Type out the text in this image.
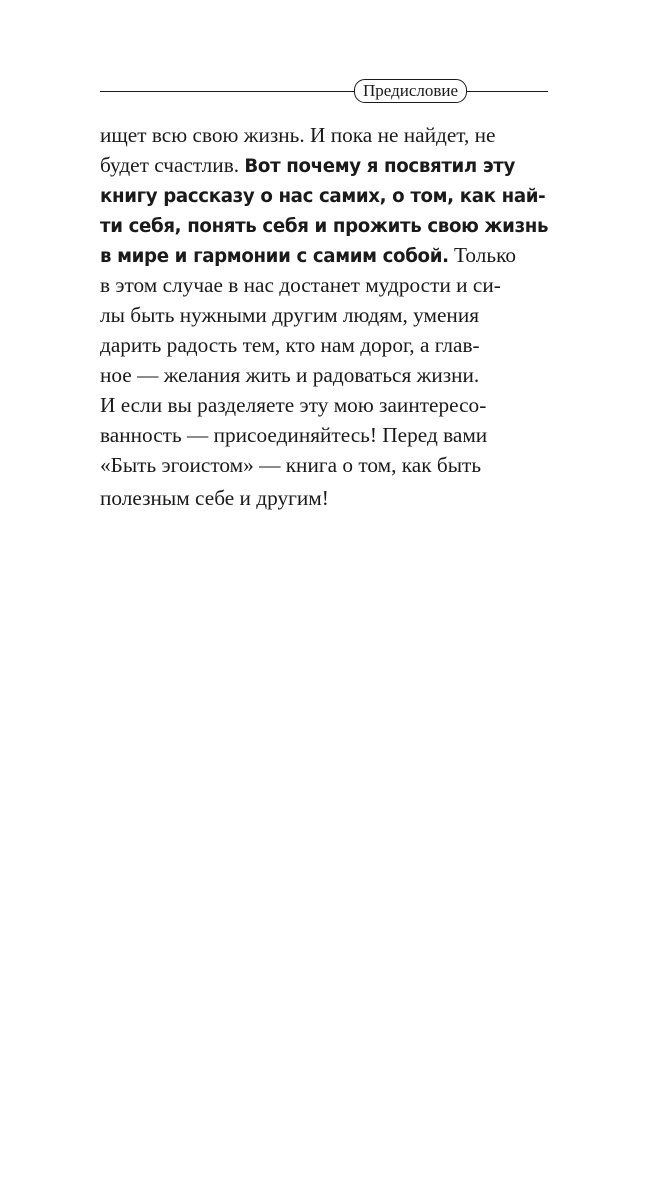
Предисловие

ищет всю свою жизнь. И пока не найдет, не
будет счастлив. Вот почему я посвятил эту
книгу рассказу о нас самих, о том, как най-
ти себя, понять себя и прожить свою жизнь
в мире и гармонии с самим собой. Только
в этом случае в нас достанет мудрости и си-
лы быть нужными другим людям, умения
дарить радость тем, кто нам дорог, а глав-
ное — желания жить и радоваться жизни.
И если вы разделяете эту мою заинтересо-
ванность — присоединяйтесь! Перед вами
«Быть эгоистом» — книга о том, как быть
полезным себе и другим!
